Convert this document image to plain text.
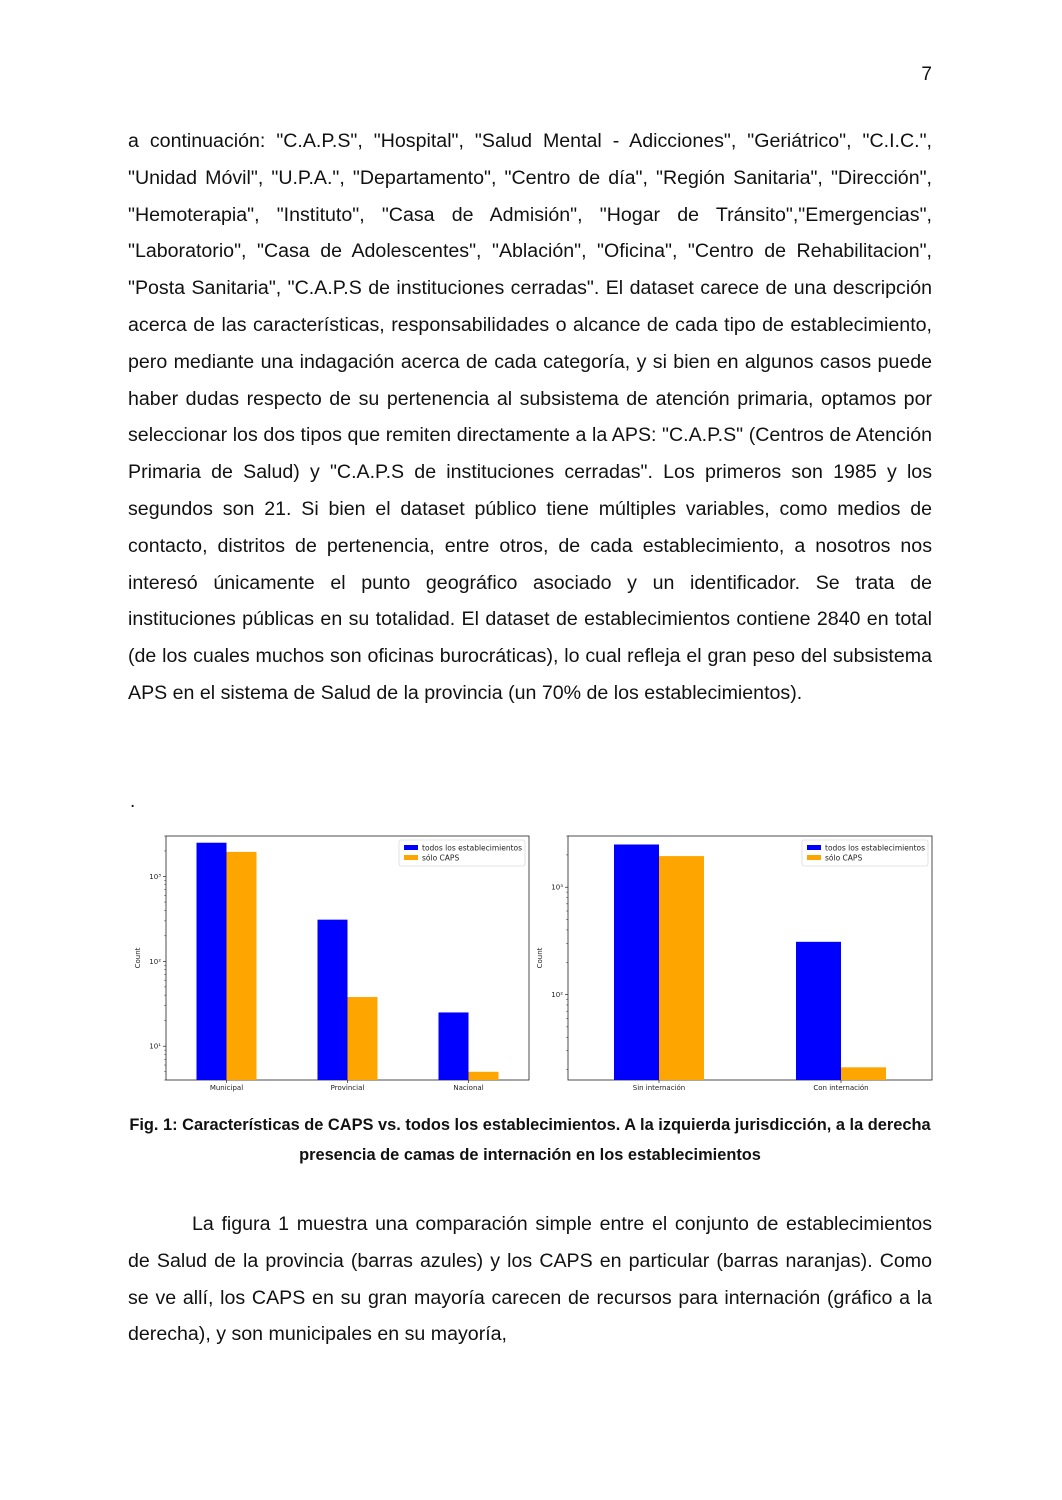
7

a continuación: "C.A.P.S", "Hospital", "Salud Mental - Adicciones", "Geriátrico", "C.I.C.", "Unidad Móvil", "U.P.A.", "Departamento", "Centro de día", "Región Sanitaria", "Dirección", "Hemoterapia", "Instituto", "Casa de Admisión", "Hogar de Tránsito","Emergencias", "Laboratorio", "Casa de Adolescentes", "Ablación", "Oficina", "Centro de Rehabilitacion", "Posta Sanitaria", "C.A.P.S de instituciones cerradas". El dataset carece de una descripción acerca de las características, responsabilidades o alcance de cada tipo de establecimiento, pero mediante una indagación acerca de cada categoría, y si bien en algunos casos puede haber dudas respecto de su pertenencia al subsistema de atención primaria, optamos por seleccionar los dos tipos que remiten directamente a la APS: "C.A.P.S" (Centros de Atención Primaria de Salud) y "C.A.P.S de instituciones cerradas". Los primeros son 1985 y los segundos son 21. Si bien el dataset público tiene múltiples variables, como medios de contacto, distritos de pertenencia, entre otros, de cada establecimiento, a nosotros nos interesó únicamente el punto geográfico asociado y un identificador. Se trata de instituciones públicas en su totalidad. El dataset de establecimientos contiene 2840 en total (de los cuales muchos son oficinas burocráticas), lo cual refleja el gran peso del subsistema APS en el sistema de Salud de la provincia (un 70% de los establecimientos).

.
Municipal	Provincial	Nacional
10¹
10²
10³
Count
todos los establecimientos
sólo CAPS
Sin internación	Con internación
10²
10³
Count
todos los establecimientos
sólo CAPS

Fig. 1: Características de CAPS vs. todos los establecimientos. A la izquierda jurisdicción, a la derecha presencia de camas de internación en los establecimientos

La figura 1 muestra una comparación simple entre el conjunto de establecimientos de Salud de la provincia (barras azules) y los CAPS en particular (barras naranjas). Como se ve allí, los CAPS en su gran mayoría carecen de recursos para internación (gráfico a la derecha), y son municipales en su mayoría,
